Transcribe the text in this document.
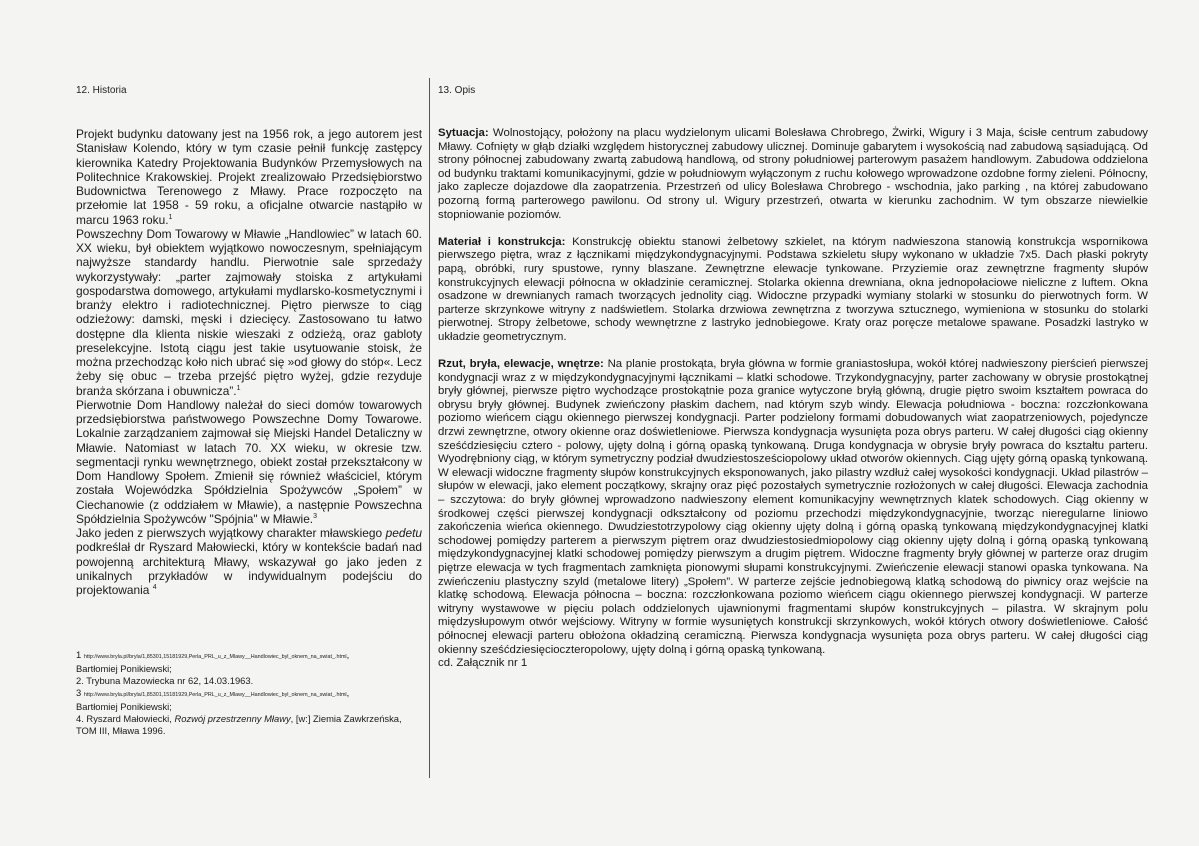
12. Historia	13. Opis

Projekt budynku datowany jest na 1956 rok, a jego autorem jest Stanisław Kolendo, który w tym czasie pełnił funkcję zastępcy kierownika Katedry Projektowania Budynków Przemysłowych na Politechnice Krakowskiej. Projekt zrealizowało Przedsiębiorstwo Budownictwa Terenowego z Mławy. Prace rozpoczęto na przełomie lat 1958 - 59 roku, a oficjalne otwarcie nastąpiło w marcu 1963 roku.$^1$

Powszechny Dom Towarowy w Mławie „Handlowiec” w latach 60. XX wieku, był obiektem wyjątkowo nowoczesnym, spełniającym najwyższe standardy handlu. Pierwotnie sale sprzedaży wykorzystywały: „parter zajmowały stoiska z artykułami gospodarstwa domowego, artykułami mydlarsko-kosmetycznymi i branży elektro i radiotechnicznej. Piętro pierwsze to ciąg odzieżowy: damski, męski i dziecięcy. Zastosowano tu łatwo dostępne dla klienta niskie wieszaki z odzieżą, oraz gabloty preselekcyjne. Istotą ciągu jest takie usytuowanie stoisk, że można przechodząc koło nich ubrać się »od głowy do stóp«. Lecz żeby się obuc – trzeba przejść piętro wyżej, gdzie rezyduje branża skórzana i obuwnicza”.$^1$

Pierwotnie Dom Handlowy należał do sieci domów towarowych przedsiębiorstwa państwowego Powszechne Domy Towarowe. Lokalnie zarządzaniem zajmował się Miejski Handel Detaliczny w Mławie. Natomiast w latach 70. XX wieku, w okresie tzw. segmentacji rynku wewnętrznego, obiekt został przekształcony w Dom Handlowy Społem. Zmienił się również właściciel, którym została Wojewódzka Spółdzielnia Spożywców „Społem” w Ciechanowie (z oddziałem w Mławie), a następnie Powszechna Spółdzielnia Spożywców "Spójnia" w Mławie.$^3$

Jako jeden z pierwszych wyjątkowy charakter mławskiego pedetu podkreślał dr Ryszard Małowiecki, który w kontekście badań nad powojenną architekturą Mławy, wskazywał go jako jeden z unikalnych przykładów w indywidualnym podejściu do projektowania $^4$

1 http://www.bryla.pl/bryla/1,85301,15181929,Perla_PRL_u_z_Mlawy__Handlowiec_byl_oknem_na_swiat_.html,
Bartłomiej Ponikiewski;

2. Trybuna Mazowiecka nr 62, 14.03.1963.

3 http://www.bryla.pl/bryla/1,85301,15181929,Perla_PRL_u_z_Mlawy__Handlowiec_byl_oknem_na_swiat_.html,
Bartłomiej Ponikiewski;

4. Ryszard Małowiecki, Rozwój przestrzenny Mławy, [w:] Ziemia Zawkrzeńska, TOM III, Mława 1996.

Sytuacja: Wolnostojący, położony na placu wydzielonym ulicami Bolesława Chrobrego, Żwirki, Wigury i 3 Maja, ścisłe centrum zabudowy Mławy. Cofnięty w głąb działki względem historycznej zabudowy ulicznej. Dominuje gabarytem i wysokością nad zabudową sąsiadującą. Od strony północnej zabudowany zwartą zabudową handlową, od strony południowej parterowym pasażem handlowym. Zabudowa oddzielona od budynku traktami komunikacyjnymi, gdzie w południowym wyłączonym z ruchu kołowego wprowadzone ozdobne formy zieleni. Północny, jako zaplecze dojazdowe dla zaopatrzenia. Przestrzeń od ulicy Bolesława Chrobrego - wschodnia, jako parking , na której zabudowano pozorną formą parterowego pawilonu. Od strony ul. Wigury przestrzeń, otwarta w kierunku zachodnim. W tym obszarze niewielkie stopniowanie poziomów.

Materiał i konstrukcja: Konstrukcję obiektu stanowi żelbetowy szkielet, na którym nadwieszona stanowią konstrukcja wspornikowa pierwszego piętra, wraz z łącznikami międzykondygnacyjnymi. Podstawa szkieletu słupy wykonano w układzie 7x5. Dach płaski pokryty papą, obróbki, rury spustowe, rynny blaszane. Zewnętrzne elewacje tynkowane. Przyziemie oraz zewnętrzne fragmenty słupów konstrukcyjnych elewacji północna w okładzinie ceramicznej. Stolarka okienna drewniana, okna jednopołaciowe nieliczne z luftem. Okna osadzone w drewnianych ramach tworzących jednolity ciąg. Widoczne przypadki wymiany stolarki w stosunku do pierwotnych form. W parterze skrzynkowe witryny z nadświetlem. Stolarka drzwiowa zewnętrzna z tworzywa sztucznego, wymieniona w stosunku do stolarki pierwotnej. Stropy żelbetowe, schody wewnętrzne z lastryko jednobiegowe. Kraty oraz poręcze metalowe spawane. Posadzki lastryko w układzie geometrycznym.

Rzut, bryła, elewacje, wnętrze: Na planie prostokąta, bryła główna w formie graniastosłupa, wokół której nadwieszony pierścień pierwszej kondygnacji wraz z w międzykondygnacyjnymi łącznikami – klatki schodowe. Trzykondygnacyjny, parter zachowany w obrysie prostokątnej bryły głównej, pierwsze piętro wychodzące prostokątnie poza granice wytyczone bryłą główną, drugie piętro swoim kształtem powraca do obrysu bryły głównej. Budynek zwieńczony płaskim dachem, nad którym szyb windy. Elewacja południowa - boczna: rozczłonkowana poziomo wieńcem ciągu okiennego pierwszej kondygnacji. Parter podzielony formami dobudowanych wiat zaopatrzeniowych, pojedyncze drzwi zewnętrzne, otwory okienne oraz doświetleniowe. Pierwsza kondygnacja wysunięta poza obrys parteru. W całej długości ciąg okienny sześćdziesięciu cztero - polowy, ujęty dolną i górną opaską tynkowaną. Druga kondygnacja w obrysie bryły powraca do kształtu parteru. Wyodrębniony ciąg, w którym symetryczny podział dwudziestosześciopolowy układ otworów okiennych. Ciąg ujęty górną opaską tynkowaną. W elewacji widoczne fragmenty słupów konstrukcyjnych eksponowanych, jako pilastry wzdłuż całej wysokości kondygnacji. Układ pilastrów – słupów w elewacji, jako element początkowy, skrajny oraz pięć pozostałych symetrycznie rozłożonych w całej długości. Elewacja zachodnia – szczytowa: do bryły głównej wprowadzono nadwieszony element komunikacyjny wewnętrznych klatek schodowych. Ciąg okienny w środkowej części pierwszej kondygnacji odkształcony od poziomu przechodzi międzykondygnacyjnie, tworząc nieregularne liniowo zakończenia wieńca okiennego. Dwudziestotrzypolowy ciąg okienny ujęty dolną i górną opaską tynkowaną międzykondygnacyjnej klatki schodowej pomiędzy parterem a pierwszym piętrem oraz dwudziestosiedmiopolowy ciąg okienny ujęty dolną i górną opaską tynkowaną międzykondygnacyjnej klatki schodowej pomiędzy pierwszym a drugim piętrem. Widoczne fragmenty bryły głównej w parterze oraz drugim piętrze elewacja w tych fragmentach zamknięta pionowymi słupami konstrukcyjnymi. Zwieńczenie elewacji stanowi opaska tynkowana. Na zwieńczeniu plastyczny szyld (metalowe litery) „Społem”. W parterze zejście jednobiegową klatką schodową do piwnicy oraz wejście na klatkę schodową. Elewacja północna – boczna: rozczłonkowana poziomo wieńcem ciągu okiennego pierwszej kondygnacji. W parterze witryny wystawowe w pięciu polach oddzielonych ujawnionymi fragmentami słupów konstrukcyjnych – pilastra. W skrajnym polu międzysłupowym otwór wejściowy. Witryny w formie wysuniętych konstrukcji skrzynkowych, wokół których otwory doświetleniowe. Całość północnej elewacji parteru obłożona okładziną ceramiczną. Pierwsza kondygnacja wysunięta poza obrys parteru. W całej długości ciąg okienny sześćdziesięcioczteropolowy, ujęty dolną i górną opaską tynkowaną.

cd. Załącznik nr 1
